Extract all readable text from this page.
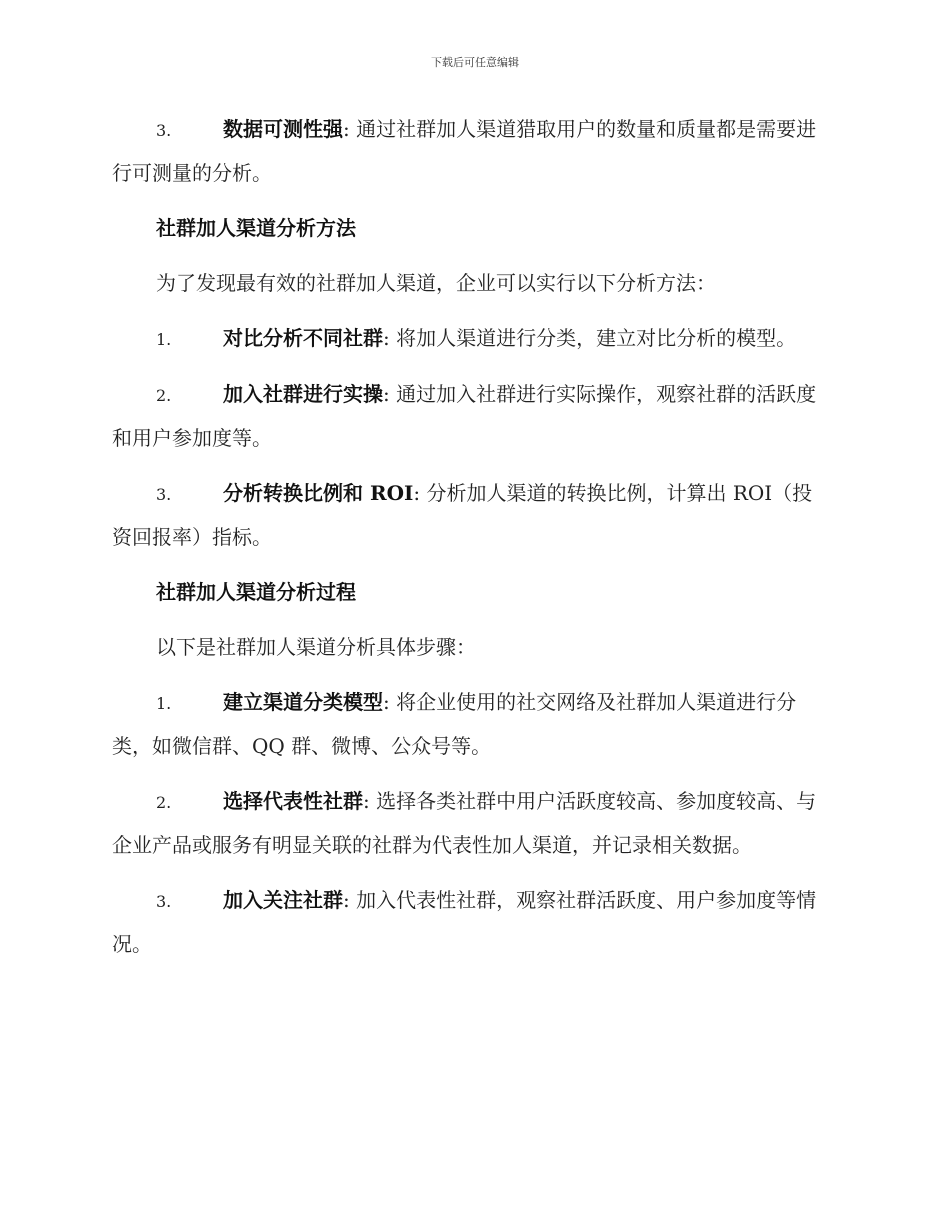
下载后可任意编辑

3.	数据可测性强: 通过社群加人渠道猎取用户的数量和质量都是需要进行可测量的分析。

社群加人渠道分析方法

为了发现最有效的社群加人渠道，企业可以实行以下分析方法：

1.	对比分析不同社群: 将加人渠道进行分类，建立对比分析的模型。

2.	加入社群进行实操: 通过加入社群进行实际操作，观察社群的活跃度和用户参加度等。

3.	分析转换比例和 ROI: 分析加人渠道的转换比例，计算出 ROI（投资回报率）指标。

社群加人渠道分析过程

以下是社群加人渠道分析具体步骤：

1.	建立渠道分类模型: 将企业使用的社交网络及社群加人渠道进行分类，如微信群、QQ 群、微博、公众号等。

2.	选择代表性社群: 选择各类社群中用户活跃度较高、参加度较高、与企业产品或服务有明显关联的社群为代表性加人渠道，并记录相关数据。

3.	加入关注社群: 加入代表性社群，观察社群活跃度、用户参加度等情况。
